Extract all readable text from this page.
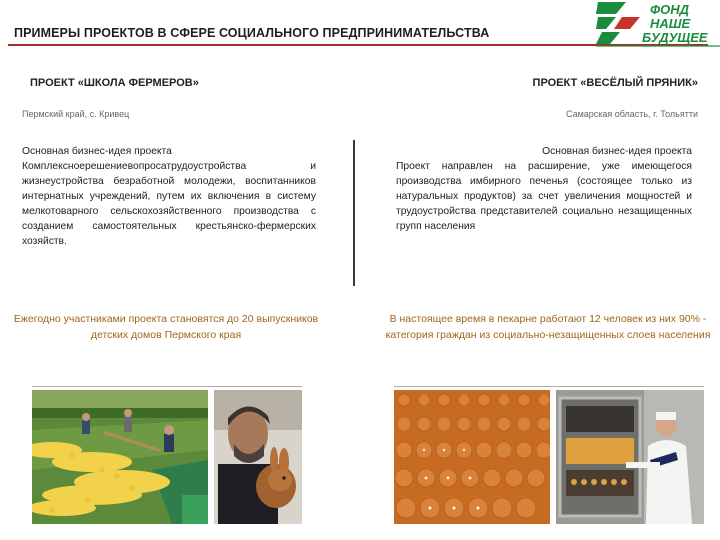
ПРИМЕРЫ ПРОЕКТОВ В СФЕРЕ СОЦИАЛЬНОГО ПРЕДПРИНИМАТЕЛЬСТВА
ФОНД
НАШЕ
БУДУЩЕЕ
ПРОЕКТ «ШКОЛА ФЕРМЕРОВ»	ПРОЕКТ «ВЕСЁЛЫЙ ПРЯНИК»
Пермский край, с. Кривец	Самарская область, г. Тольятти
Основная бизнес-идея проекта
Комплексноерешениевопросатрудоустройства и жизнеустройства безработной молодежи, воспитанников интернатных учреждений, путем их включения в систему мелкотоварного сельскохозяйственного производства с созданием самостоятельных крестьянско-фермерских хозяйств.
Основная бизнес-идея проекта
Проект направлен на расширение, уже имеющегося производства имбирного печенья (состоящее только из натуральных продуктов) за счет увеличения мощностей и трудоустройства представителей социально незащищенных групп населения
Ежегодно участниками проекта становятся до 20 выпускников детских домов Пермского края
В настоящее время в пекарне работают 12 человек из них 90% - категория граждан из социально-незащищенных слоев населения
